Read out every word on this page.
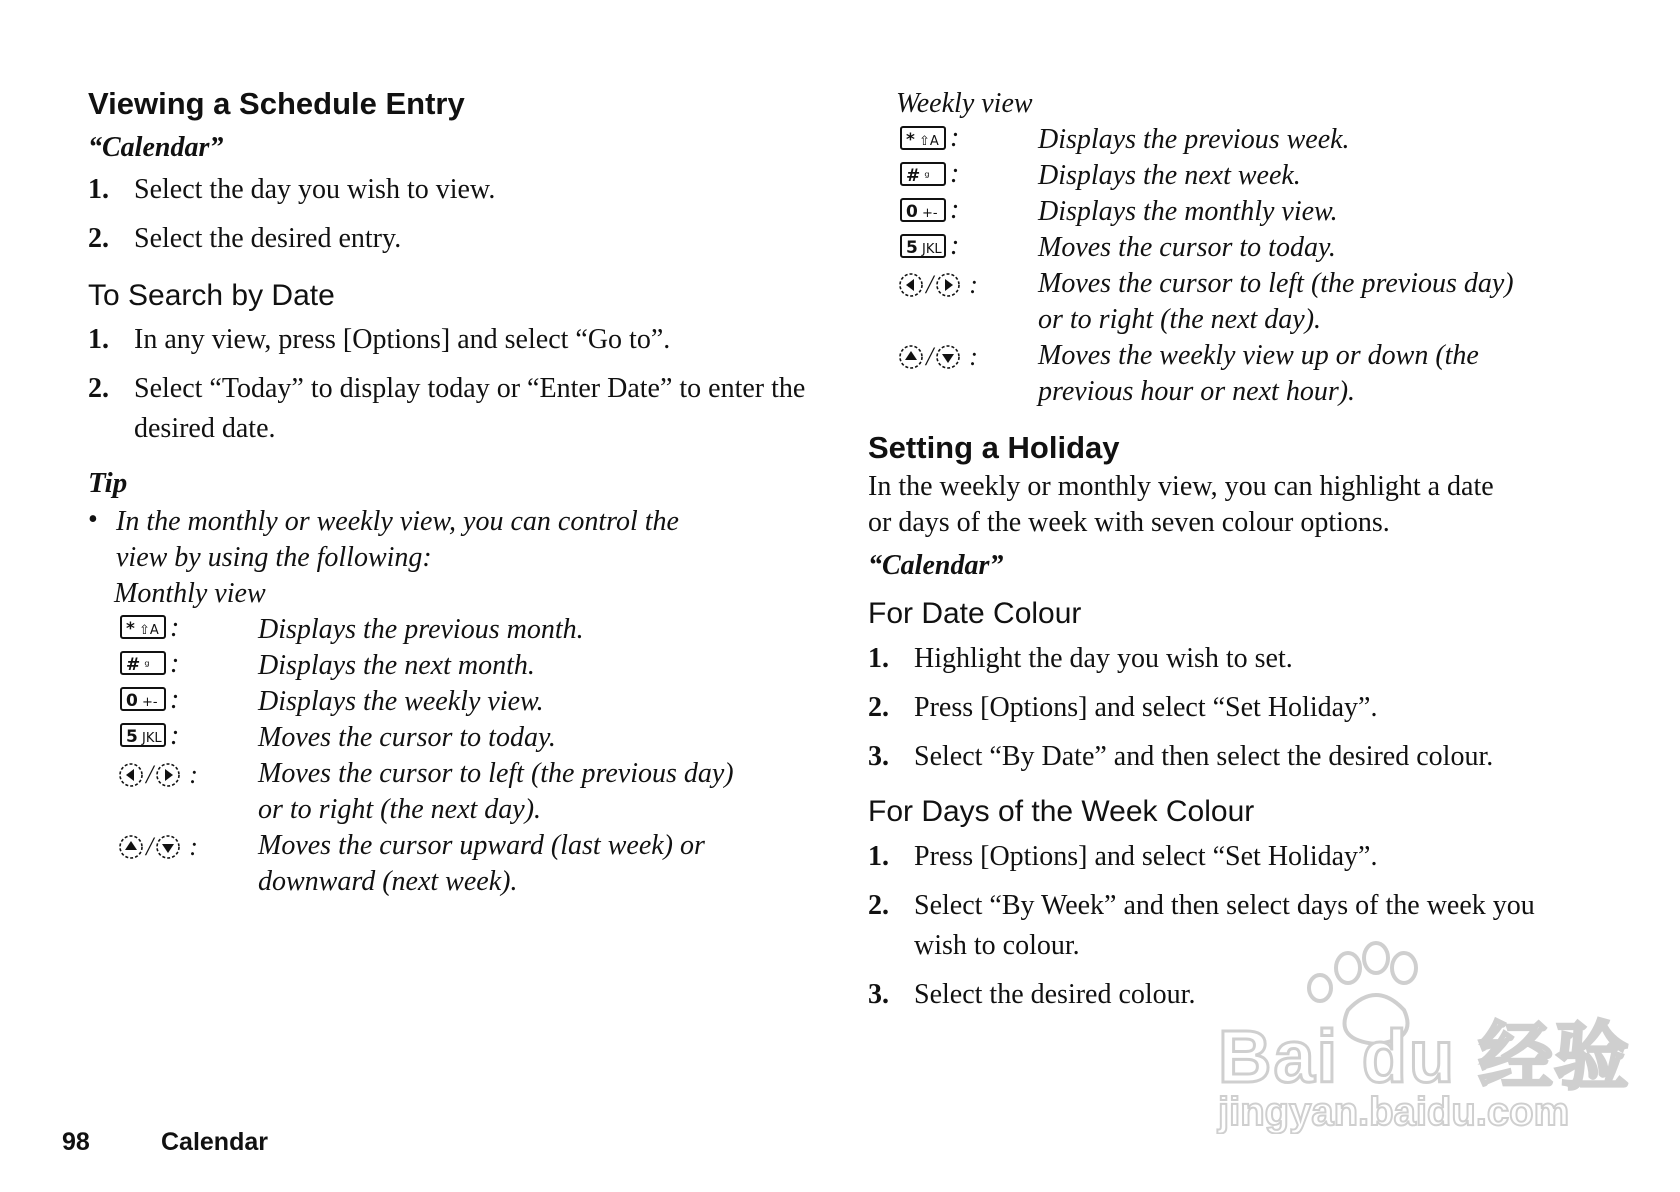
Viewing a Schedule Entry
“Calendar”
1. Select the day you wish to view.
2. Select the desired entry.
To Search by Date
1. In any view, press [Options] and select “Go to”.
2. Select “Today” to display today or “Enter Date” to enter the desired date.
Tip
• In the monthly or weekly view, you can control the
view by using the following:
Monthly view
* ⇧A :	Displays the previous month.
# ᵍ :	Displays the next month.
0 +- :	Displays the weekly view.
5 JKL :	Moves the cursor to today.
/ : Moves the cursor to left (the previous day)
or to right (the next day).
/ : Moves the cursor upward (last week) or
downward (next week).
Weekly view
* ⇧A :	Displays the previous week.
# ᵍ :	Displays the next week.
0 +- :	Displays the monthly view.
5 JKL :	Moves the cursor to today.
/ : Moves the cursor to left (the previous day)
or to right (the next day).
/ : Moves the weekly view up or down (the
previous hour or next hour).
Setting a Holiday
In the weekly or monthly view, you can highlight a date
or days of the week with seven colour options.
“Calendar”
For Date Colour
1. Highlight the day you wish to set.
2. Press [Options] and select “Set Holiday”.
3. Select “By Date” and then select the desired colour.
For Days of the Week Colour
1. Press [Options] and select “Set Holiday”.
2. Select “By Week” and then select days of the week you wish to colour.
3. Select the desired colour.
98	Calendar
Bai du 经验
jingyan.baidu.com
